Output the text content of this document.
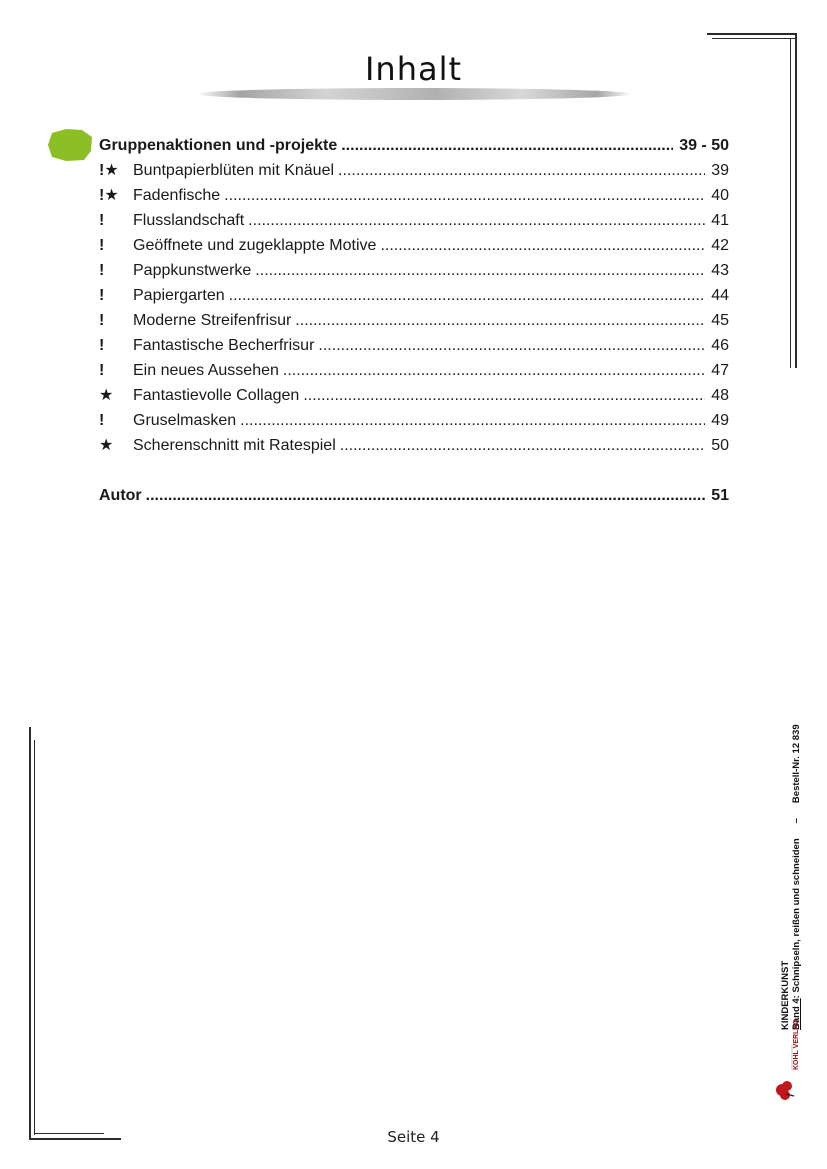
Inhalt
Gruppenaktionen und -projekte .....	39 - 50
!★ Buntpapierblüten mit Knäuel .....	39
!★ Fadenfische .....	40
!	Flusslandschaft .....	41
!	Geöffnete und zugeklappte Motive .....	42
!	Pappkunstwerke .....	43
!	Papiergarten .....	44
!	Moderne Streifenfrisur .....	45
!	Fantastische Becherfrisur .....	46
!	Ein neues Aussehen .....	47
★	Fantastievolle Collagen .....	48
!	Gruselmasken .....	49
★	Scherenschnitt mit Ratespiel .....	50
Autor .....	51
KINDERKUNST Band 4: Schnipseln, reißen und schneiden – Bestell-Nr. 12 839
KOHL VERLAG
Seite 4
